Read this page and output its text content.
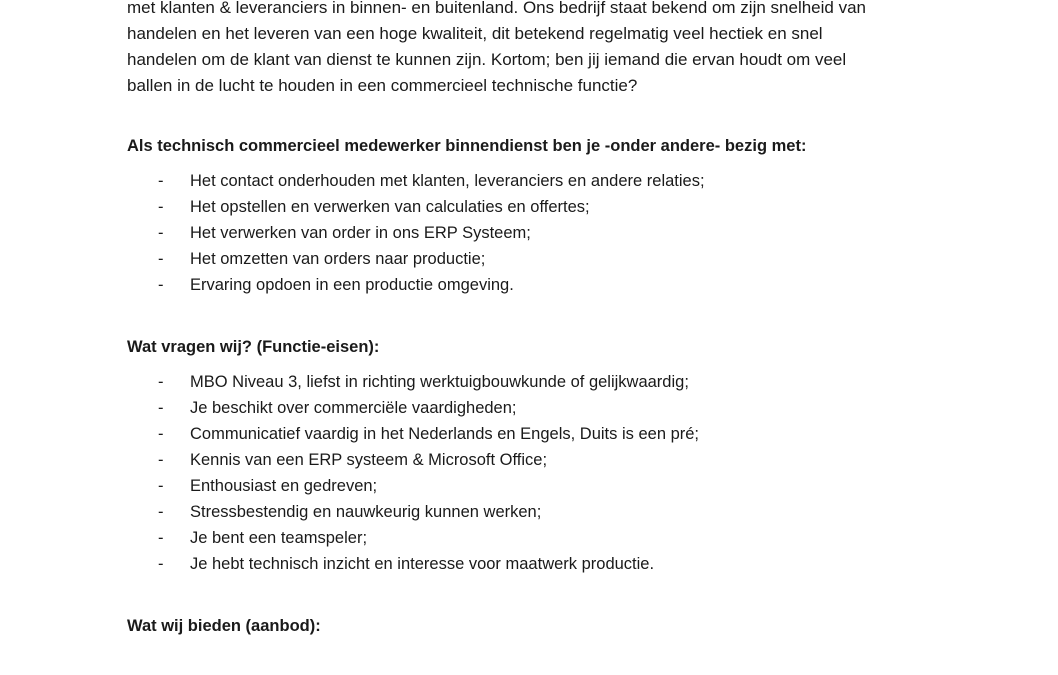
met klanten & leveranciers in binnen- en buitenland. Ons bedrijf staat bekend om zijn snelheid van
handelen en het leveren van een hoge kwaliteit, dit betekend regelmatig veel hectiek en snel
handelen om de klant van dienst te kunnen zijn. Kortom; ben jij iemand die ervan houdt om veel
ballen in de lucht te houden in een commercieel technische functie?

Als technisch commercieel medewerker binnendienst ben je -onder andere- bezig met:
- Het contact onderhouden met klanten, leveranciers en andere relaties;
- Het opstellen en verwerken van calculaties en offertes;
- Het verwerken van order in ons ERP Systeem;
- Het omzetten van orders naar productie;
- Ervaring opdoen in een productie omgeving.
Wat vragen wij? (Functie-eisen):
- MBO Niveau 3, liefst in richting werktuigbouwkunde of gelijkwaardig;
- Je beschikt over commerciële vaardigheden;
- Communicatief vaardig in het Nederlands en Engels, Duits is een pré;
- Kennis van een ERP systeem & Microsoft Office;
- Enthousiast en gedreven;
- Stressbestendig en nauwkeurig kunnen werken;
- Je bent een teamspeler;
- Je hebt technisch inzicht en interesse voor maatwerk productie.
Wat wij bieden (aanbod):
